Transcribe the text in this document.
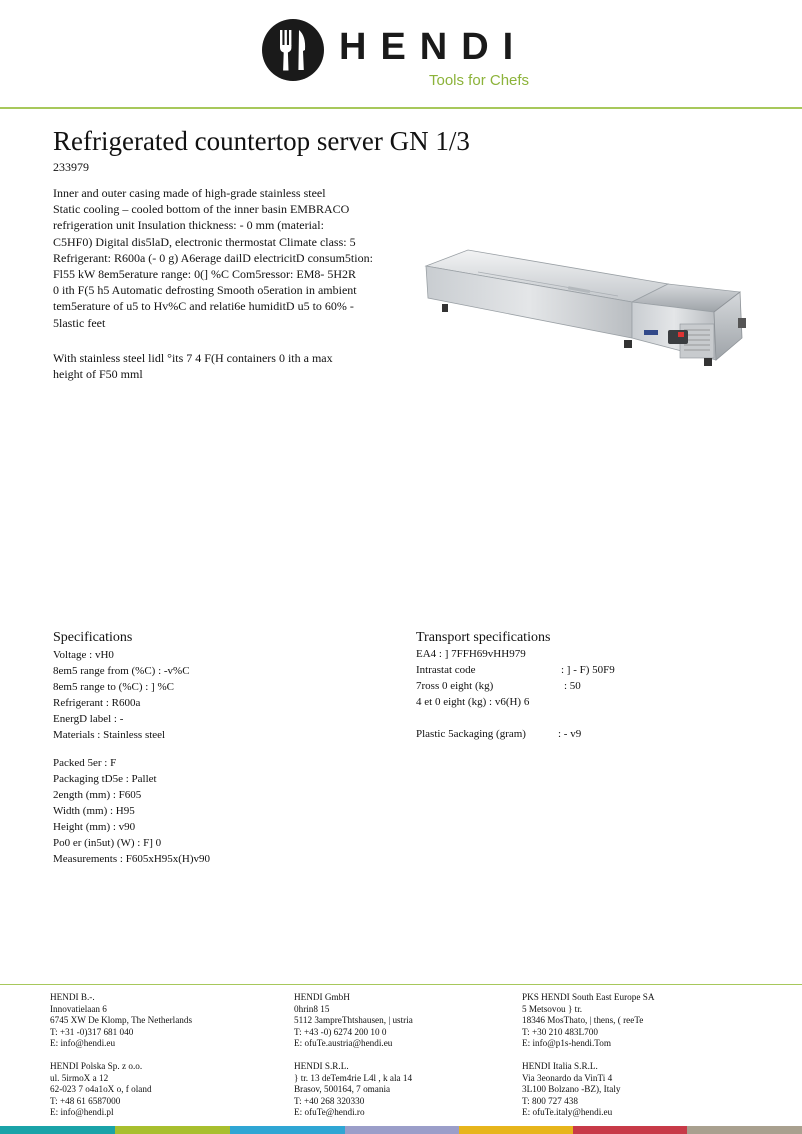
HENDI
Tools for Chefs
Refrigerated countertop server GN 1/3
233979
Inner and outer casing made of high-grade stainless steel
Static cooling – cooled bottom of the inner basin EMBRACO
refrigeration unit Insulation thickness: - 0 mm (material:
C5HF0) Digital dis5laD, electronic thermostat Climate class: 5
Refrigerant: R600a (- 0 g) A6erage dailD electricitD consum5tion:
Fl55 kW 8em5erature range: 0(] %C Com5ressor: EM8- 5H2R
0 ith F(5 h5 Automatic defrosting Smooth o5eration in ambient
tem5erature of u5 to Hv%C and relati6e humiditD u5 to 60% -
5lastic feet
With stainless steel lidl °its 7 4 F(H containers 0 ith a max
height of F50 mml
Specifications
Voltage : vH0
8em5 range from (%C) : -v%C
8em5 range to (%C) : ] %C
Refrigerant : R600a
EnergD label : -
Materials : Stainless steel
Packed 5er : F
Packaging tD5e : Pallet
2ength (mm) : F605
Width (mm) : H95
Height (mm) : v90
Po0 er (in5ut) (W) : F] 0
Measurements : F605xH95x(H)v90
Transport specifications
EA4 : ] 7FFH69vHH979
Intrastat code	: ] - F) 50F9
7ross 0 eight (kg)	: 50
4 et 0 eight (kg) : v6(H) 6
Plastic 5ackaging (gram)	: - v9
HENDI B.-.
Innovatielaan 6
6745 XW De Klomp, The Netherlands
T: +31 -0)317 681 040
E: info@hendi.eu
HENDI GmbH
0hrin8 15
5112 3ampreThtshausen, | ustria
T: +43 -0) 6274 200 10 0
E: ofuTe.austria@hendi.eu
PKS HENDI South East Europe SA
5 Metsovou } tr.
18346 MosThato, | thens, ( reeTe
T: +30 210 483L700
E: info@p1s-hendi.Tom
HENDI Polska Sp. z o.o.
ul. 5irmoX a 12
62-023 7 o4a1oX o, f oland
T: +48 61 6587000
E: info@hendi.pl
HENDI S.R.L.
} tr. 13 deTem4rie L4l , k ala 14
Brasov, 500164, 7 omania
T: +40 268 320330
E: ofuTe@hendi.ro
HENDI Italia S.R.L.
Via 3eonardo da VinTi 4
3L100 Bolzano -BZ), Italy
T: 800 727 438
E: ofuTe.italy@hendi.eu
